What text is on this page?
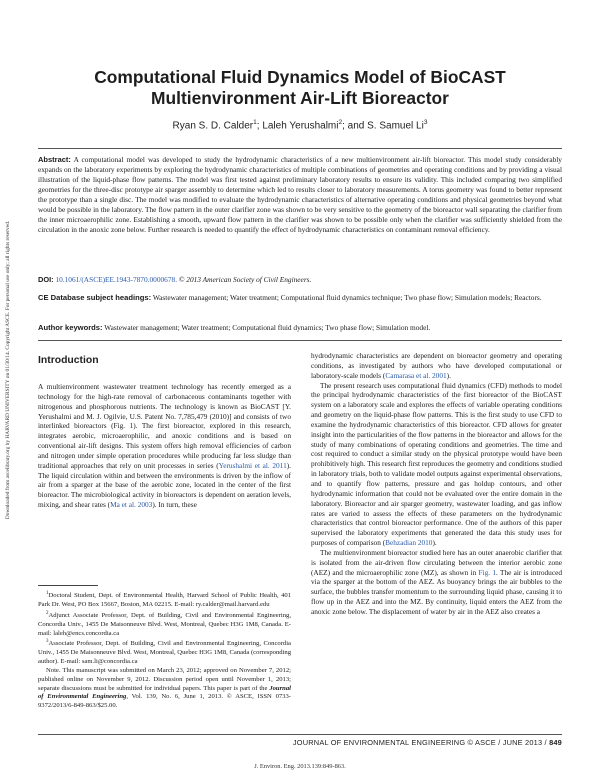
Downloaded from ascelibrary.org by HARVARD UNIVERSITY on 01/30/14. Copyright ASCE. For personal use only; all rights reserved.
Computational Fluid Dynamics Model of BioCAST
Multienvironment Air-Lift Bioreactor
Ryan S. D. Calder$^1$; Laleh Yerushalmi$^2$; and S. Samuel Li$^3$
Abstract: A computational model was developed to study the hydrodynamic characteristics of a new multienvironment air-lift bioreactor. This model study considerably expands on the laboratory experiments by exploring the hydrodynamic characteristics of multiple combinations of geometries and operating conditions and by providing a visual illustration of the liquid-phase flow patterns. The model was first tested against preliminary laboratory results to ensure its validity. This included comparing two simplified geometries for the three-disc prototype air sparger assembly to determine which led to results closer to laboratory measurements. A torus geometry was found to better represent the prototype than a single disc. The model was modified to evaluate the hydrodynamic characteristics of alternative operating conditions and physical geometries beyond what would be possible in the laboratory. The flow pattern in the outer clarifier zone was shown to be very sensitive to the geometry of the bioreactor wall separating the clarifier from the inner microaerophilic zone. Establishing a smooth, upward flow pattern in the clarifier was shown to be possible only when the clarifier was sufficiently shielded from the circulation in the anoxic zone below. Further research is needed to quantify the effect of hydrodynamic characteristics on contaminant removal efficiency.
DOI: 10.1061/(ASCE)EE.1943-7870.0000678. © 2013 American Society of Civil Engineers.
CE Database subject headings: Wastewater management; Water treatment; Computational fluid dynamics technique; Two phase flow; Simulation models; Reactors.
Author keywords: Wastewater management; Water treatment; Computational fluid dynamics; Two phase flow; Simulation model.
Introduction

A multienvironment wastewater treatment technology has recently emerged as a technology for the high-rate removal of carbonaceous contaminants together with nitrogenous and phosphorous nutrients. The technology is known as BioCAST [Y. Yerushalmi and M. J. Ogilvie, U.S. Patent No. 7,785,479 (2010)] and consists of two interlinked bioreactors (Fig. 1). The first bioreactor, explored in this research, integrates aerobic, microaerophilic, and anoxic conditions and is based on conventional air-lift designs. This system offers high removal efficiencies of carbon and nitrogen under simple operation procedures while producing far less sludge than traditional approaches that rely on unit processes in series (Yerushalmi et al. 2011). The liquid circulation within and between the environments is driven by the inflow of air from a sparger at the base of the aerobic zone, located in the center of the first bioreactor. The microbiological activity in bioreactors is dependent on aeration levels, mixing, and shear rates (Ma et al. 2003). In turn, these

$^1$Doctoral Student, Dept. of Environmental Health, Harvard School of Public Health, 401 Park Dr. West, PO Box 15667, Boston, MA 02215. E-mail: ry.calder@mail.harvard.edu

$^2$Adjunct Associate Professor, Dept. of Building, Civil and Environmental Engineering, Concordia Univ., 1455 De Maisonneuve Blvd. West, Montreal, Quebec H3G 1M8, Canada. E-mail: laleh@encs.concordia.ca

$^3$Associate Professor, Dept. of Building, Civil and Environmental Engineering, Concordia Univ., 1455 De Maisonneuve Blvd. West, Montreal, Quebec H3G 1M8, Canada (corresponding author). E-mail: sam.li@concordia.ca

Note. This manuscript was submitted on March 23, 2012; approved on November 7, 2012; published online on November 9, 2012. Discussion period open until November 1, 2013; separate discussions must be submitted for individual papers. This paper is part of the Journal of Environmental Engineering, Vol. 139, No. 6, June 1, 2013. © ASCE, ISSN 0733-9372/2013/6-849-863/$25.00.

hydrodynamic characteristics are dependent on bioreactor geometry and operating conditions, as investigated by authors who have developed computational or laboratory-scale models (Camarasa et al. 2001).

The present research uses computational fluid dynamics (CFD) methods to model the principal hydrodynamic characteristics of the first bioreactor of the BioCAST system on a laboratory scale and explores the effects of variable operating conditions and geometry on the liquid-phase flow patterns. This is the first study to use CFD to examine the hydrodynamic characteristics of this bioreactor. CFD allows for greater insight into the particularities of the flow patterns in the bioreactor and allows for the study of many combinations of operating conditions and geometries. The time and cost required to conduct a similar study on the physical prototype would have been prohibitively high. This research first reproduces the geometry and conditions studied in laboratory trials, both to validate model outputs against experimental observations, and to quantify flow patterns, pressure and gas holdup contours, and other hydrodynamic information that could not be evaluated over the entire domain in the laboratory. Bioreactor and air sparger geometry, wastewater loading, and gas inflow rates are varied to assess the effects of these parameters on the hydrodynamic characteristics that control bioreactor performance. One of the authors of this paper supervised the laboratory experiments that generated the data this study uses for purposes of comparison (Behzadian 2010).

The multienvironment bioreactor studied here has an outer anaerobic clarifier that is isolated from the air-driven flow circulating between the interior aerobic zone (AEZ) and the microaerophilic zone (MZ), as shown in Fig. 1. The air is introduced via the sparger at the bottom of the AEZ. As buoyancy brings the air bubbles to the surface, the bubbles transfer momentum to the surrounding liquid phase, causing it to flow up in the AEZ and into the MZ. By continuity, liquid enters the AEZ from the anoxic zone below. The displacement of water by air in the AEZ also creates a

JOURNAL OF ENVIRONMENTAL ENGINEERING © ASCE / JUNE 2013 / 849
J. Environ. Eng. 2013.139:849-863.
